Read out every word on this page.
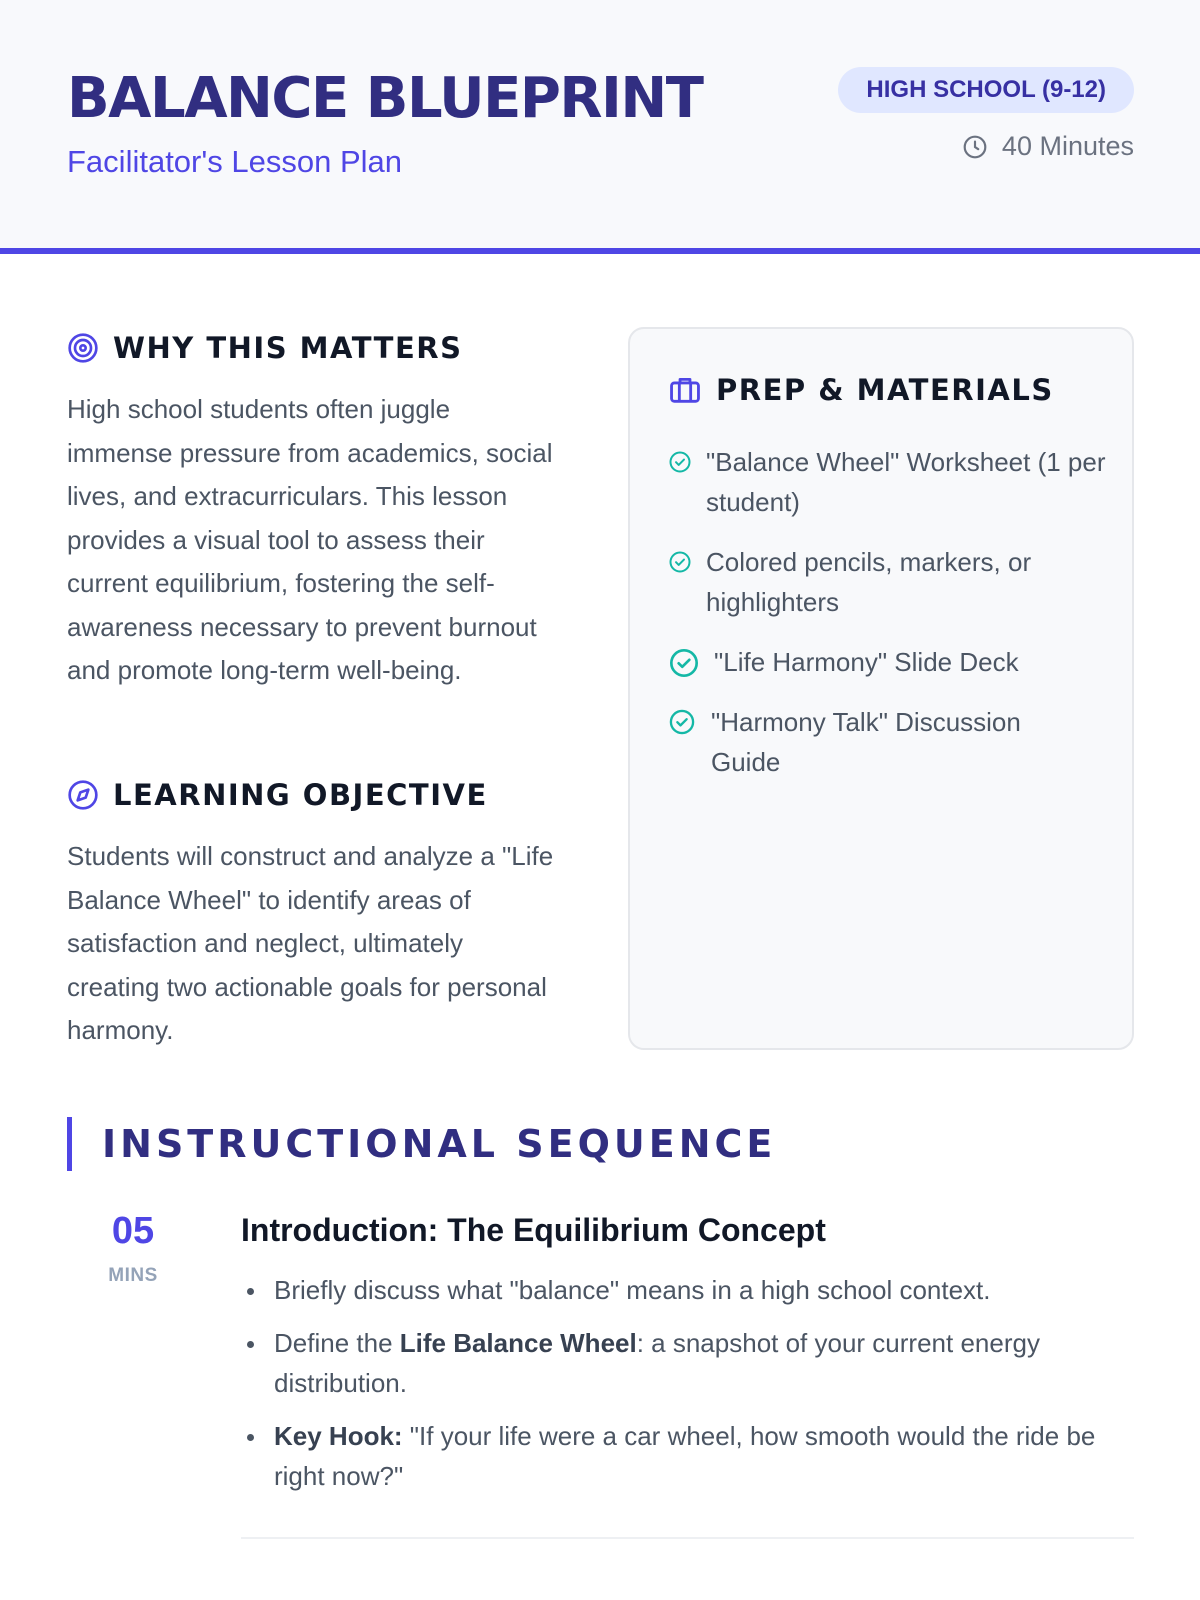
BALANCE BLUEPRINT
Facilitator's Lesson Plan
HIGH SCHOOL (9-12)
40 Minutes
WHY THIS MATTERS
High school students often juggle immense pressure from academics, social lives, and extracurriculars. This lesson provides a visual tool to assess their current equilibrium, fostering the self-awareness necessary to prevent burnout and promote long-term well-being.
LEARNING OBJECTIVE
Students will construct and analyze a "Life Balance Wheel" to identify areas of satisfaction and neglect, ultimately creating two actionable goals for personal harmony.
PREP & MATERIALS
"Balance Wheel" Worksheet (1 per student)
Colored pencils, markers, or highlighters
"Life Harmony" Slide Deck
"Harmony Talk" Discussion Guide
INSTRUCTIONAL SEQUENCE
05
MINS
Introduction: The Equilibrium Concept
Briefly discuss what "balance" means in a high school context.
Define the Life Balance Wheel: a snapshot of your current energy distribution.
Key Hook: "If your life were a car wheel, how smooth would the ride be right now?"
